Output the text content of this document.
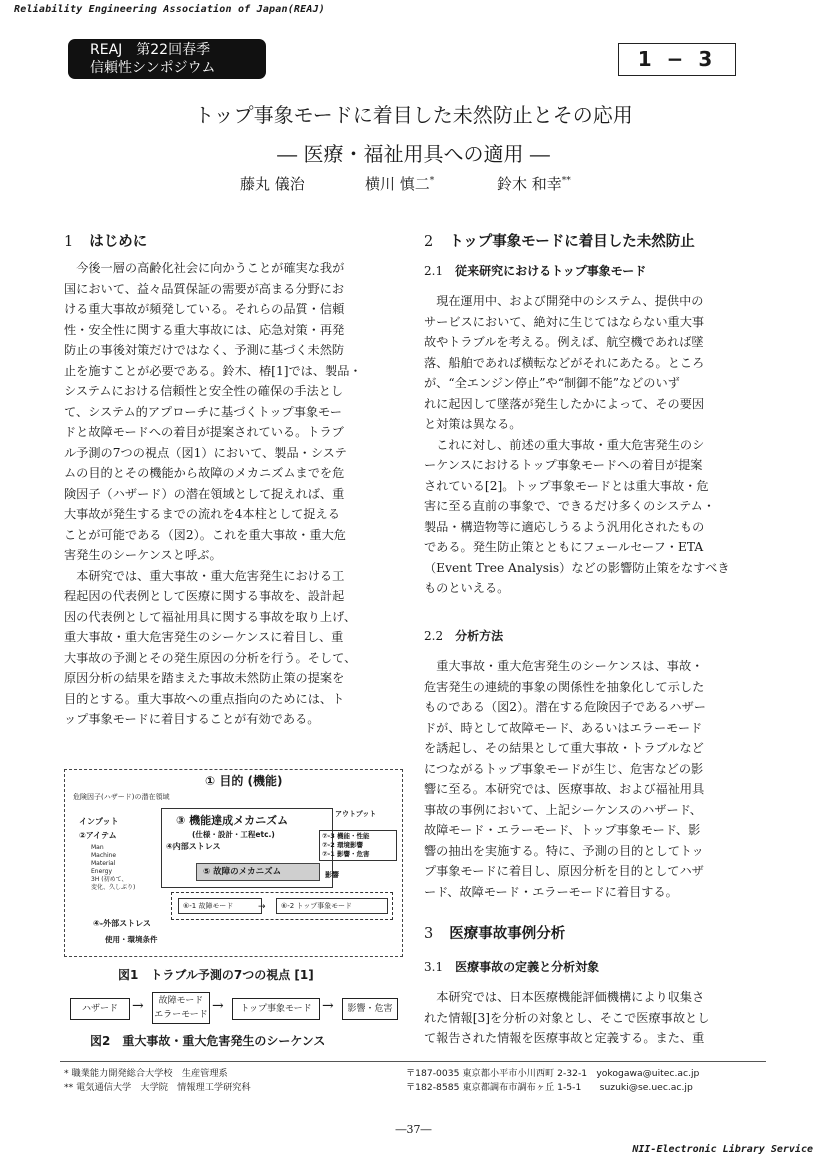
Reliability Engineering Association of Japan(REAJ)
REAJ　第22回春季
信頼性シンポジウム	1 − 3
トップ事象モードに着目した未然防止とその応用
― 医療・福祉用具への適用 ―
藤丸 儀治	横川 慎二*	鈴木 和幸**
1 はじめに
今後一層の高齢化社会に向かうことが確実な我が
国において、益々品質保証の需要が高まる分野にお
ける重大事故が頻発している。それらの品質・信頼
性・安全性に関する重大事故には、応急対策・再発
防止の事後対策だけではなく、予測に基づく未然防
止を施すことが必要である。鈴木、椿[1]では、製品・
システムにおける信頼性と安全性の確保の手法とし
て、システム的アプローチに基づくトップ事象モー
ドと故障モードへの着目が提案されている。トラブ
ル予測の7つの視点（図1）において、製品・システ
ムの目的とその機能から故障のメカニズムまでを危
険因子（ハザード）の潜在領域として捉えれば、重
大事故が発生するまでの流れを4本柱として捉える
ことが可能である（図2）。これを重大事故・重大危
害発生のシーケンスと呼ぶ。
本研究では、重大事故・重大危害発生における工
程起因の代表例として医療に関する事故を、設計起
因の代表例として福祉用具に関する事故を取り上げ、
重大事故・重大危害発生のシーケンスに着目し、重
大事故の予測とその発生原因の分析を行う。そして、
原因分析の結果を踏まえた事故未然防止策の提案を
目的とする。重大事故への重点指向のためには、ト
ップ事象モードに着目することが有効である。
① 目的 (機能)
危険因子(ハザード)の潜在領域
インプット
②アイテム
Man
Machine
Material
Energy
3H (初めて、
変化、久しぶり)
③ 機能達成メカニズム
(仕様・設計・工程etc.)
④内部ストレス
⑤ 故障のメカニズム
アウトプット
⑦-3 機能・性能
⑦-2 環境影響
⑦-1 影響・危害
影響
⑥-1 故障モード	→	⑥-2 トップ事象モード
④-外部ストレス
使用・環境条件
図1　トラブル予測の7つの視点 [1]
ハザード	→	故障モード
エラーモード
→	トップ事象モード →	影響・危害
図2　重大事故・重大危害発生のシーケンス
2 トップ事象モードに着目した未然防止
2.1 従来研究におけるトップ事象モード
現在運用中、および開発中のシステム、提供中の
サービスにおいて、絶対に生じてはならない重大事
故やトラブルを考える。例えば、航空機であれば墜
落、船舶であれば横転などがそれにあたる。ところ
が、“全エンジン停止”や“制御不能”などのいず
れに起因して墜落が発生したかによって、その要因
と対策は異なる。
これに対し、前述の重大事故・重大危害発生のシ
ーケンスにおけるトップ事象モードへの着目が提案
されている[2]。トップ事象モードとは重大事故・危
害に至る直前の事象で、できるだけ多くのシステム・
製品・構造物等に適応しうるよう汎用化されたもの
である。発生防止策とともにフェールセーフ・ETA
（Event Tree Analysis）などの影響防止策をなすべき
ものといえる。
2.2 分析方法
重大事故・重大危害発生のシーケンスは、事故・
危害発生の連続的事象の関係性を抽象化して示した
ものである（図2）。潜在する危険因子であるハザー
ドが、時として故障モード、あるいはエラーモード
を誘起し、その結果として重大事故・トラブルなど
につながるトップ事象モードが生じ、危害などの影
響に至る。本研究では、医療事故、および福祉用具
事故の事例において、上記シーケンスのハザード、
故障モード・エラーモード、トップ事象モード、影
響の抽出を実施する。特に、予測の目的としてトッ
プ事象モードに着目し、原因分析を目的としてハザ
ード、故障モード・エラーモードに着目する。
3 医療事故事例分析
3.1 医療事故の定義と分析対象
本研究では、日本医療機能評価機構により収集さ
れた情報[3]を分析の対象とし、そこで医療事故とし
て報告された情報を医療事故と定義する。また、重
* 職業能力開発総合大学校　生産管理系
** 電気通信大学　大学院　情報理工学研究科
〒187-0035 東京都小平市小川西町 2-32-1　yokogawa@uitec.ac.jp
〒182-8585 東京都調布市調布ヶ丘 1-5-1　　suzuki@se.uec.ac.jp
―37―
NII-Electronic Library Service
